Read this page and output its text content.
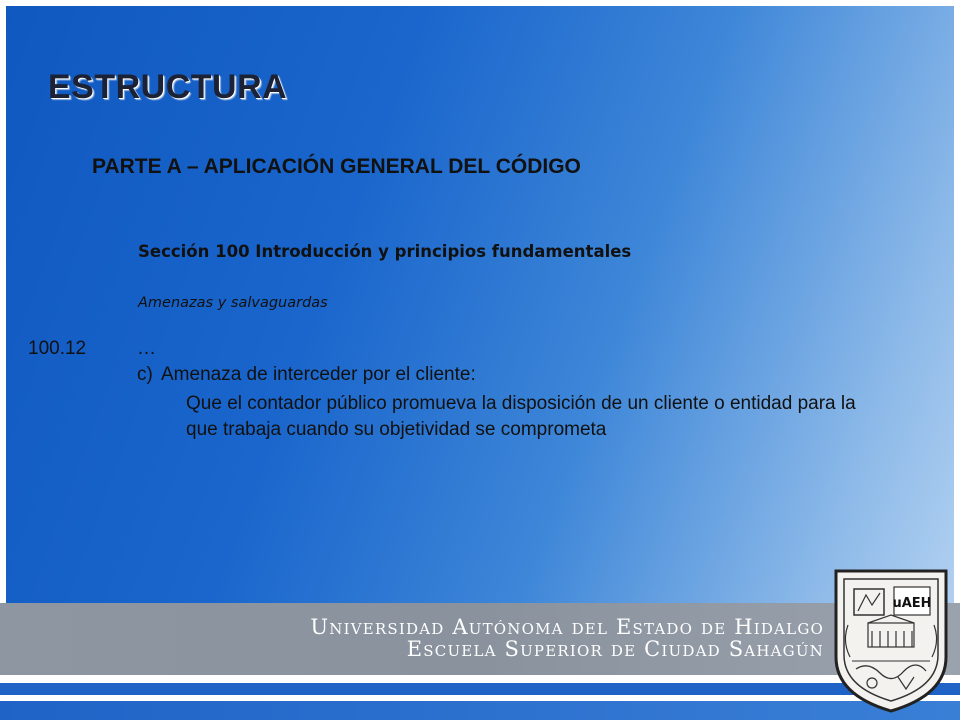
ESTRUCTURA
PARTE A – APLICACIÓN GENERAL DEL CÓDIGO
Sección 100 Introducción y principios fundamentales
Amenazas y salvaguardas
100.12	…
c) Amenaza de interceder por el cliente:
Que el contador público promueva la disposición de un cliente o entidad para la que trabaja cuando su objetividad se comprometa
Universidad Autónoma del Estado de Hidalgo
Escuela Superior de Ciudad Sahagún
uAEH
